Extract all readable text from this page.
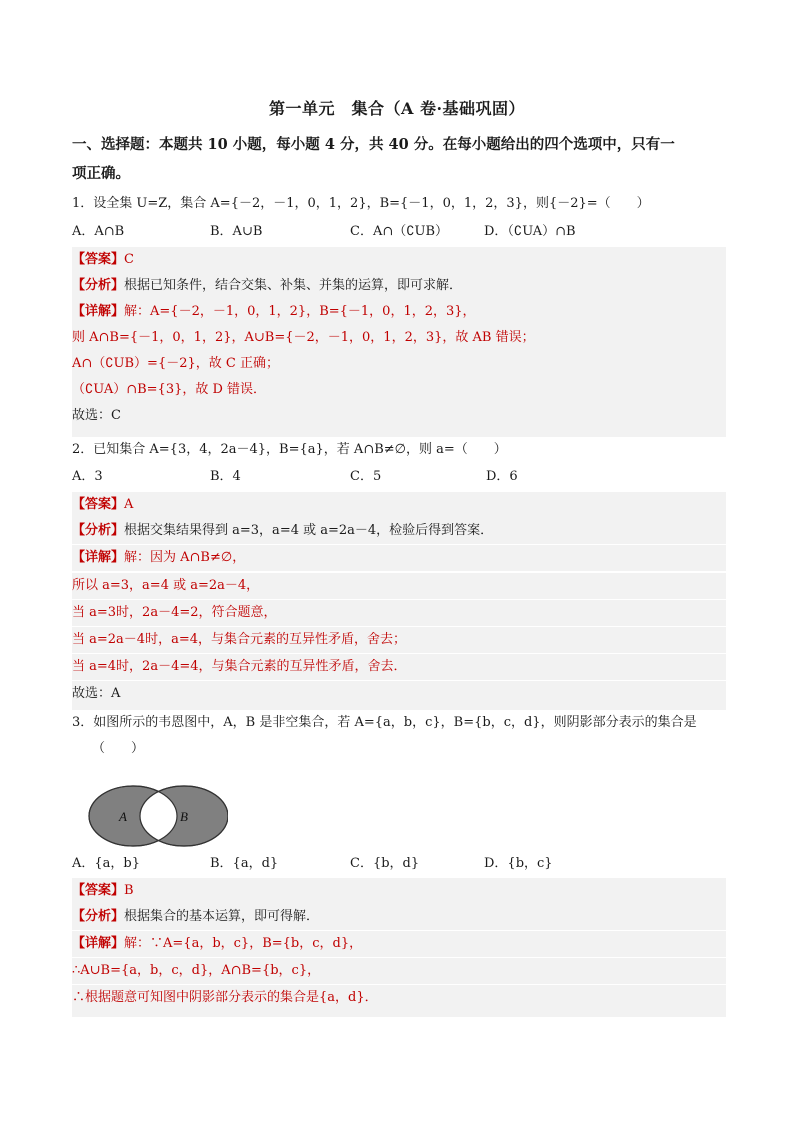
第一单元　集合（A 卷·基础巩固）
一、选择题：本题共 10 小题，每小题 4 分，共 40 分。在每小题给出的四个选项中，只有一
项正确。
1．设全集 U=Z，集合 A={－2，－1，0，1，2}，B={－1，0，1，2，3}，则{－2}=（　　）
A．A∩B	B．A∪B	C．A∩（∁UB）	D．（∁UA）∩B
【答案】C
【分析】根据已知条件，结合交集、补集、并集的运算，即可求解．
【详解】解：A={－2，－1，0，1，2}，B={－1，0，1，2，3}，
则 A∩B={－1，0，1，2}，A∪B={－2，－1，0，1，2，3}，故 AB 错误；
A∩（∁UB）={－2}，故 C 正确；
（∁UA）∩B={3}，故 D 错误．
故选：C
2．已知集合 A={3，4，2a－4}，B={a}，若 A∩B≠∅，则 a=（　　）
A．3	B．4	C．5	D．6
【答案】A
【分析】根据交集结果得到 a=3，a=4 或 a=2a－4，检验后得到答案．
【详解】解：因为 A∩B≠∅，
所以 a=3，a=4 或 a=2a－4，
当 a=3时，2a－4=2，符合题意，
当 a=2a－4时，a=4，与集合元素的互异性矛盾，舍去；
当 a=4时，2a－4=4，与集合元素的互异性矛盾，舍去．
故选：A
3．如图所示的韦恩图中，A，B 是非空集合，若 A={a，b，c}，B={b，c，d}，则阴影部分表示的集合是
（　　）
A	B
A．{a，b}	B．{a，d}	C．{b，d}	D．{b，c}
【答案】B
【分析】根据集合的基本运算，即可得解．
【详解】解：∵A={a，b，c}，B={b，c，d}，
∴A∪B={a，b，c，d}，A∩B={b，c}，
∴根据题意可知图中阴影部分表示的集合是{a，d}．
